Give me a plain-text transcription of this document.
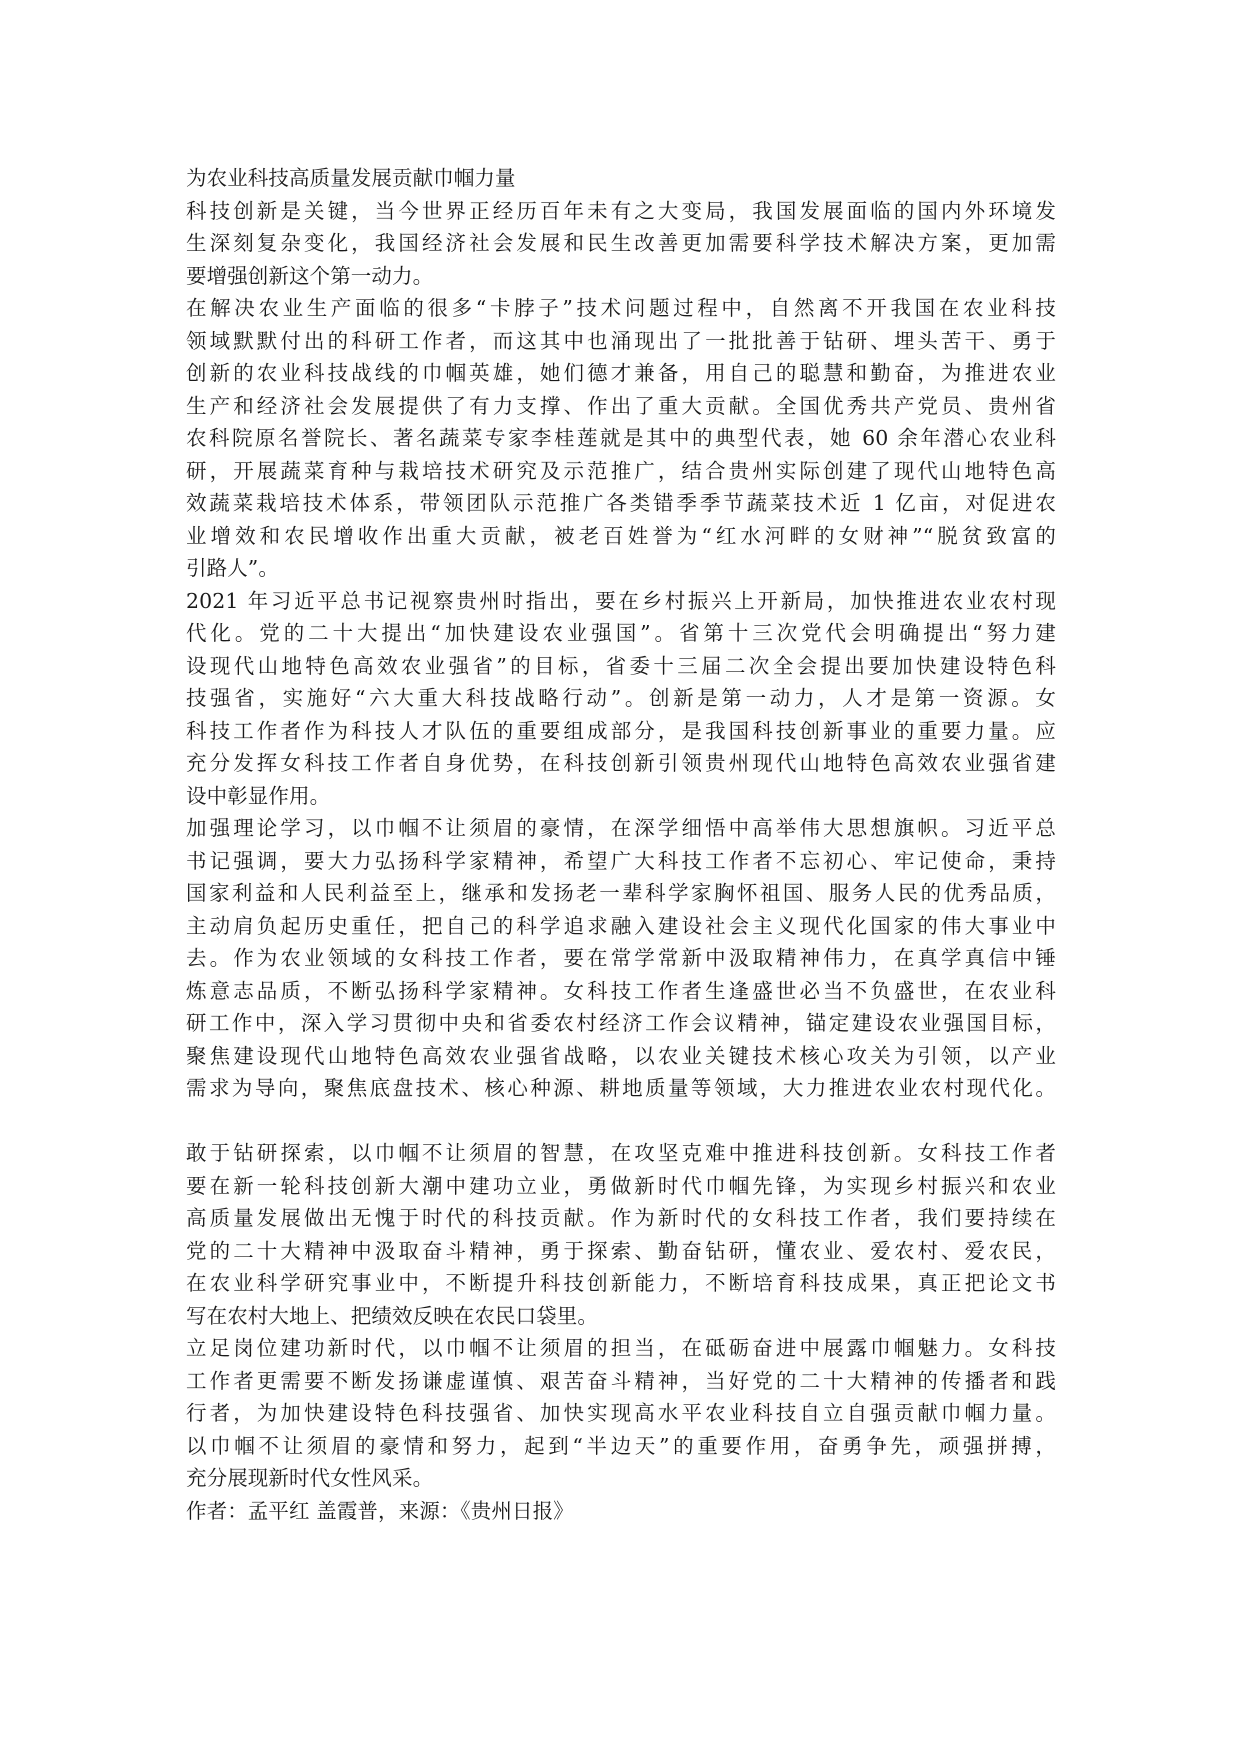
为农业科技高质量发展贡献巾帼力量
科技创新是关键，当今世界正经历百年未有之大变局，我国发展面临的国内外环境发
生深刻复杂变化，我国经济社会发展和民生改善更加需要科学技术解决方案，更加需
要增强创新这个第一动力。
在解决农业生产面临的很多“卡脖子”技术问题过程中，自然离不开我国在农业科技
领域默默付出的科研工作者，而这其中也涌现出了一批批善于钻研、埋头苦干、勇于
创新的农业科技战线的巾帼英雄，她们德才兼备，用自己的聪慧和勤奋，为推进农业
生产和经济社会发展提供了有力支撑、作出了重大贡献。全国优秀共产党员、贵州省
农科院原名誉院长、著名蔬菜专家李桂莲就是其中的典型代表，她 60 余年潜心农业科
研，开展蔬菜育种与栽培技术研究及示范推广，结合贵州实际创建了现代山地特色高
效蔬菜栽培技术体系，带领团队示范推广各类错季季节蔬菜技术近 1 亿亩，对促进农
业增效和农民增收作出重大贡献，被老百姓誉为“红水河畔的女财神”“脱贫致富的
引路人”。
2021 年习近平总书记视察贵州时指出，要在乡村振兴上开新局，加快推进农业农村现
代化。党的二十大提出“加快建设农业强国”。省第十三次党代会明确提出“努力建
设现代山地特色高效农业强省”的目标，省委十三届二次全会提出要加快建设特色科
技强省，实施好“六大重大科技战略行动”。创新是第一动力，人才是第一资源。女
科技工作者作为科技人才队伍的重要组成部分，是我国科技创新事业的重要力量。应
充分发挥女科技工作者自身优势，在科技创新引领贵州现代山地特色高效农业强省建
设中彰显作用。
加强理论学习，以巾帼不让须眉的豪情，在深学细悟中高举伟大思想旗帜。习近平总
书记强调，要大力弘扬科学家精神，希望广大科技工作者不忘初心、牢记使命，秉持
国家利益和人民利益至上，继承和发扬老一辈科学家胸怀祖国、服务人民的优秀品质，
主动肩负起历史重任，把自己的科学追求融入建设社会主义现代化国家的伟大事业中
去。作为农业领域的女科技工作者，要在常学常新中汲取精神伟力，在真学真信中锤
炼意志品质，不断弘扬科学家精神。女科技工作者生逢盛世必当不负盛世，在农业科
研工作中，深入学习贯彻中央和省委农村经济工作会议精神，锚定建设农业强国目标，
聚焦建设现代山地特色高效农业强省战略，以农业关键技术核心攻关为引领，以产业
需求为导向，聚焦底盘技术、核心种源、耕地质量等领域，大力推进农业农村现代化。
敢于钻研探索，以巾帼不让须眉的智慧，在攻坚克难中推进科技创新。女科技工作者
要在新一轮科技创新大潮中建功立业，勇做新时代巾帼先锋，为实现乡村振兴和农业
高质量发展做出无愧于时代的科技贡献。作为新时代的女科技工作者，我们要持续在
党的二十大精神中汲取奋斗精神，勇于探索、勤奋钻研，懂农业、爱农村、爱农民，
在农业科学研究事业中，不断提升科技创新能力，不断培育科技成果，真正把论文书
写在农村大地上、把绩效反映在农民口袋里。
立足岗位建功新时代，以巾帼不让须眉的担当，在砥砺奋进中展露巾帼魅力。女科技
工作者更需要不断发扬谦虚谨慎、艰苦奋斗精神，当好党的二十大精神的传播者和践
行者，为加快建设特色科技强省、加快实现高水平农业科技自立自强贡献巾帼力量。
以巾帼不让须眉的豪情和努力，起到“半边天”的重要作用，奋勇争先，顽强拼搏，
充分展现新时代女性风采。
作者：孟平红 盖霞普，来源：《贵州日报》
